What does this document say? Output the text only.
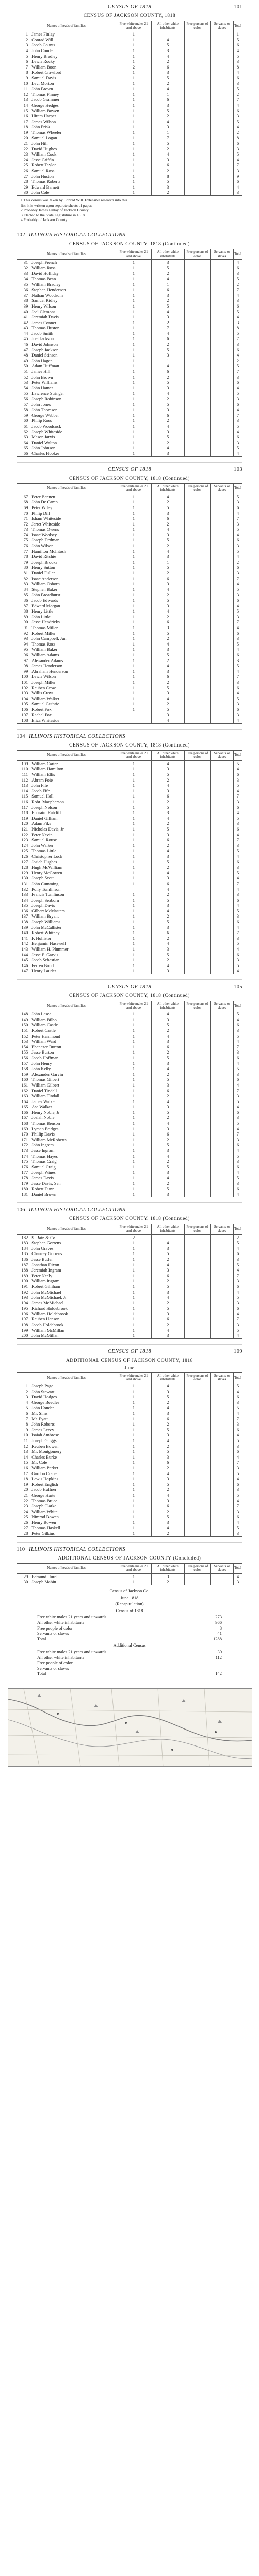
101
CENSUS OF 1818
CENSUS OF JACKSON COUNTY, 1818
Names of heads of families		Free white males 21 and above	All other white inhabitants	Free persons of color	Servants or slaves	Total
1	James Finlay	1				1
2	Conrad Will	1	4			5
3	Jacob Counts	1	5			6
4	John Conder	1	3			4
5	Henry Bradley	1	4			5
6	Lewis Rocky	1	2			3
7	William Boon	2	6			8
8	Robert Crawford	1	3			4
9	Samuel Davis	1	5			6
10	Levi Morton	1	2			3
11	John Brown	1	4			5
12	Thomas Finney	1	1			2
13	Jacob Grammer	1	6			7
14	George Hedges	1	3			4
15	William Bowen	1	5			6
16	Hiram Harper	1	2			3
17	James Wilson	1	4			5
18	John Prisk	1	3			4
19	Thomas Wheeler	1	1			2
20	Samuel Logan	1	7			8
21	John Hill	1	5			6
22	David Hughes	1	2			3
23	William Cook	1	4			5
24	Jesse Griffin	1	3			4
25	Robert Taylor	1	6			7
26	Samuel Ross	1	2			3
27	John Huston	1	8			9
28	Thomas Roberts	1	5			6
29	Edward Barnett	1	3			4
30	John Cole	1	2			3
1 This census was taken by Conrad Will. Extensive research into this
list; it is written upon separate sheets of paper.
2 Probably James Finlay of Jackson County.
3 Elected to the State Legislature in 1818.
4 Probably of Jackson County.
102 ILLINOIS HISTORICAL COLLECTIONS
CENSUS OF JACKSON COUNTY, 1818 (Continued)
Names of heads of families		Free white males 21 and above	All other white inhabitants	Free persons of color	Servants or slaves	Total
31	Joseph French	1	3			4
32	William Ross	1	5			6
33	David Holliday	1	2			3
34	Thomas Bean	1	4			5
35	William Bradley	1	1			2
36	Stephen Henderson	1	6			7
37	Nathan Woodsom	1	3			4
38	Samuel Ridley	1	2			3
39	Henry Wilson	1	5			6
40	Joel Clemons	1	4			5
41	Jeremiah Davis	1	3			4
42	James Conner	1	2			3
43	Thomas Huston	1	7			8
44	Jacob Smith	1	4			5
45	Joel Jackson	1	6			7
46	David Johnson	1	2			3
47	Joseph Jackson	1	5			6
48	Daniel Stinson	1	3			4
49	John Hagan	1	1			2
50	Adam Huffman	1	4			5
51	James Hill	1	6			7
52	John Brown	1	2			3
53	Peter Williams	1	5			6
54	John Hamer	1	3			4
55	Lawrence Stringer	1	4			5
56	Joseph Robinson	1	2			3
57	John Jones	1	5			6
58	John Thomson	1	3			4
59	George Webber	1	6			7
60	Philip Ross	1	2			3
61	Jacob Woodcock	1	4			5
62	Joseph Whiteside	1	3			4
63	Mason Jarvis	1	5			6
64	Daniel Walton	1	2			3
65	John Johnson	1	4			5
66	Charles Hooker	1	3			4
103
CENSUS OF 1818
CENSUS OF JACKSON COUNTY, 1818 (Continued)
Names of heads of families		Free white males 21 and above	All other white inhabitants	Free persons of color	Servants or slaves	Total
67	Peter Bennett	1	4			5
68	John De Camp	1	2			3
69	Peter Wiley	1	5			6
70	Philip Dill	1	3			4
71	Isham Whiteside	1	6			7
72	Jarret Whiteside	1	2			3
73	Thomas Owens	1	4			5
74	Isaac Woolsey	1	3			4
75	Joseph Dedman	1	5			6
76	John Wilson	1	2			3
77	Hamilton McIntosh	1	4			5
78	David Ritchie	1	3			4
79	Joseph Brooks	1	1			2
80	Henry Sutton	1	5			6
81	Daniel Fuller	1	2			3
82	Isaac Anderson	1	6			7
83	William Osborn	1	3			4
84	Stephen Baker	1	4			5
85	John Broadhurst	1	2			3
86	Jacob Edwards	1	5			6
87	Edward Morgan	1	3			4
88	Henry Little	1	4			5
89	John Little	1	2			3
90	Jesse Hendricks	1	6			7
91	Thomas Miller	1	3			4
92	Robert Miller	1	5			6
93	John Campbell, Jun	1	2			3
94	Thomas Ross	1	4			5
95	William Baker	1	3			4
96	William Adams	1	5			6
97	Alexander Adams	1	2			3
98	James Henderson	1	4			5
99	Abraham Henderson	1	3			4
100	Lewis Wilson	1	6			7
101	Joseph Miller	1	2			3
102	Reuben Crow	1	5			6
103	Willis Crow	1	3			4
104	William Walker	1	4			5
105	Samuel Guthrie	1	2			3
106	Robert Fox	1	5			6
107	Rachel Fox		3			3
108	Eliza Whiteside		4			4
104 ILLINOIS HISTORICAL COLLECTIONS
CENSUS OF JACKSON COUNTY, 1818 (Continued)
Names of heads of families		Free white males 21 and above	All other white inhabitants	Free persons of color	Servants or slaves	Total
109	William Carter	1	4			5
110	William Hamilton	1	3			4
111	William Ellis	1	5			6
112	Abram Foie	1	2			3
113	John Fife	1	4			5
114	Jacob Fife	1	3			4
115	Samuel Hall	1	6			7
116	Robt. Macpherson	1	2			3
117	Joseph Nelson	1	5			6
118	Ephraim Ratcliff	1	3			4
119	Daniel Gilham	1	4			5
120	Adam Fike	1	2			3
121	Nicholas Davis, Jr	1	5			6
122	Peter Nevin	1	3			4
123	Samuel Rouse	1	6			7
124	John Walker	1	2			3
125	Thomas Little	1	4			5
126	Christopher Lock	1	3			4
127	Josiah Hughes	1	5			6
128	Hugh McWilliam	1	2			3
129	Henry McGowen	1	4			5
130	Joseph Scott	1	3			4
131	John Cumming	1	6			7
132	Polly Tomlinson		4			4
133	Francis Tomlinson	1	2			3
134	Joseph Seaborn	1	5			6
135	Joseph Davis	1	3			4
136	Gilbert McMasters	1	4			5
137	William Bryant	1	2			3
138	Joseph Williams	1	5			6
139	John McCallister	1	3			4
140	Robert Whitney	1	6			7
141	F. Hollister	1	2			3
142	Benjamin Hasswell	1	4			5
143	William H. Plummer	1	3			4
144	Jesse E. Garvis	1	5			6
145	Jacob Sebastian	1	2			3
146	Ferren Bond	1	4			5
147	Henry Lauder	1	3			4
105
CENSUS OF 1818
CENSUS OF JACKSON COUNTY, 1818 (Continued)
Names of heads of families		Free white males 21 and above	All other white inhabitants	Free persons of color	Servants or slaves	Total
148	John Lasea	1	4			5
149	William Bilbo	1	3			4
150	William Castle	1	5			6
151	Robert Castle	1	2			3
152	Peter Hammond	1	4			5
153	William Ward	1	3			4
154	Ebenezer Burton	1	6			7
155	Jesse Burton	1	2			3
156	Jacob Hoffman	1	5			6
157	John Henry	1	3			4
158	John Kelly	1	4			5
159	Alexander Garvin	1	2			3
160	Thomas Gilbert	1	5			6
161	William Gilbert	1	3			4
162	Daniel Tindall	1	6			7
163	William Tindall	1	2			3
164	James Walker	1	4			5
165	Asa Walker	1	3			4
166	Henry Noble, Jr	1	5			6
167	Josiah Noble	1	2			3
168	Thomas Benson	1	4			5
169	Lyman Bridges	1	3			4
170	Phillip Davis	1	6			7
171	William McRoberts	1	2			3
172	John Ingram	1	5			6
173	Jesse Ingram	1	3			4
174	Thomas Hayes	1	4			5
175	Thomas Craig	1	2			3
176	Samuel Craig	1	5			6
177	Joseph Wines	1	3			4
178	James Davis	1	4			5
179	Jesse Davis, Sen	1	2			3
180	Robert Dunn	1	5			6
181	Daniel Brown	1	3			4
106 ILLINOIS HISTORICAL COLLECTIONS
CENSUS OF JACKSON COUNTY, 1818 (Continued)
Names of heads of families		Free white males 21 and above	All other white inhabitants	Free persons of color	Servants or slaves	Total
182	S. Bain & Co.	2				2
183	Stephen Gorrens	1	4			5
184	John Graves	1	3			4
185	Chaucey Gorrens	1	5			6
186	Jesse Butler	1	2			3
187	Jonathan Dixon	1	4			5
188	Jeremiah Ingram	1	3			4
189	Peter Neely	1	6			7
190	William Ingram	1	2			3
191	Robert Gilliham	1	5			6
192	John McMichael	1	3			4
193	John McMichael, Jr	1	4			5
194	James McMichael	1	2			3
195	Richard Holdebrook	1	5			6
196	William Holdebrook	1	3			4
197	Reuben Henson	1	6			7
198	Jacob Holdebrook	1	2			3
199	William McMillan	1	4			5
200	John McMillan	1	3			4
109
CENSUS OF 1818
ADDITIONAL CENSUS OF JACKSON COUNTY, 1818
June
Names of heads of families		Free white males 21 and above	All other white inhabitants	Free persons of color	Servants or slaves	Total
1	Joseph Page	1	4			5
2	John Stewart	1	3			4
3	David Hodges	1	5			6
4	George Beedles	1	2			3
5	John Conder	1	4			5
6	Mr. Sims	1	3			4
7	Mr. Pyatt	1	6			7
8	John Roberts	1	2			3
9	James Leecy	1	5			6
10	Isaiah Ambrose	1	3			4
11	Joseph Griggs	1	4			5
12	Reuben Bowen	1	2			3
13	Mr. Montgomery	1	5			6
14	Charles Burke	1	3			4
15	Mr. Cole	1	6			7
16	William Parker	1	2			3
17	Gordon Crane	1	4			5
18	Lewis Hopkins	1	3			4
19	Robert English	1	5			6
20	Jacob Huffner	1	2			3
21	George Harte	1	4			5
22	Thomas Bruce	1	3			4
23	Joseph Clarke	1	6			7
24	William White	1	2			3
25	Nimrod Bowen	1	5			6
26	Henry Bowen	1	3			4
27	Thomas Haskell	1	4			5
28	Peter Gilkins	1	2			3
110 ILLINOIS HISTORICAL COLLECTIONS
ADDITIONAL CENSUS OF JACKSON COUNTY (Concluded)
Names of heads of families		Free white males 21 and above	All other white inhabitants	Free persons of color	Servants or slaves	Total
29	Edmund Hurd	1	3			4
30	Joseph Mabin	1	2			3
Census of Jackson Co.
June 1818
(Recapitulation)
Census of 1818
Free white males 21 years and upwards	273
All other white inhabitants	966
Free people of color	8
Servants or slaves	41
Total	1288
Additional Census
Free white males 21 years and upwards	30
All other white inhabitants	112
Free people of color
Servants or slaves
Total	142
